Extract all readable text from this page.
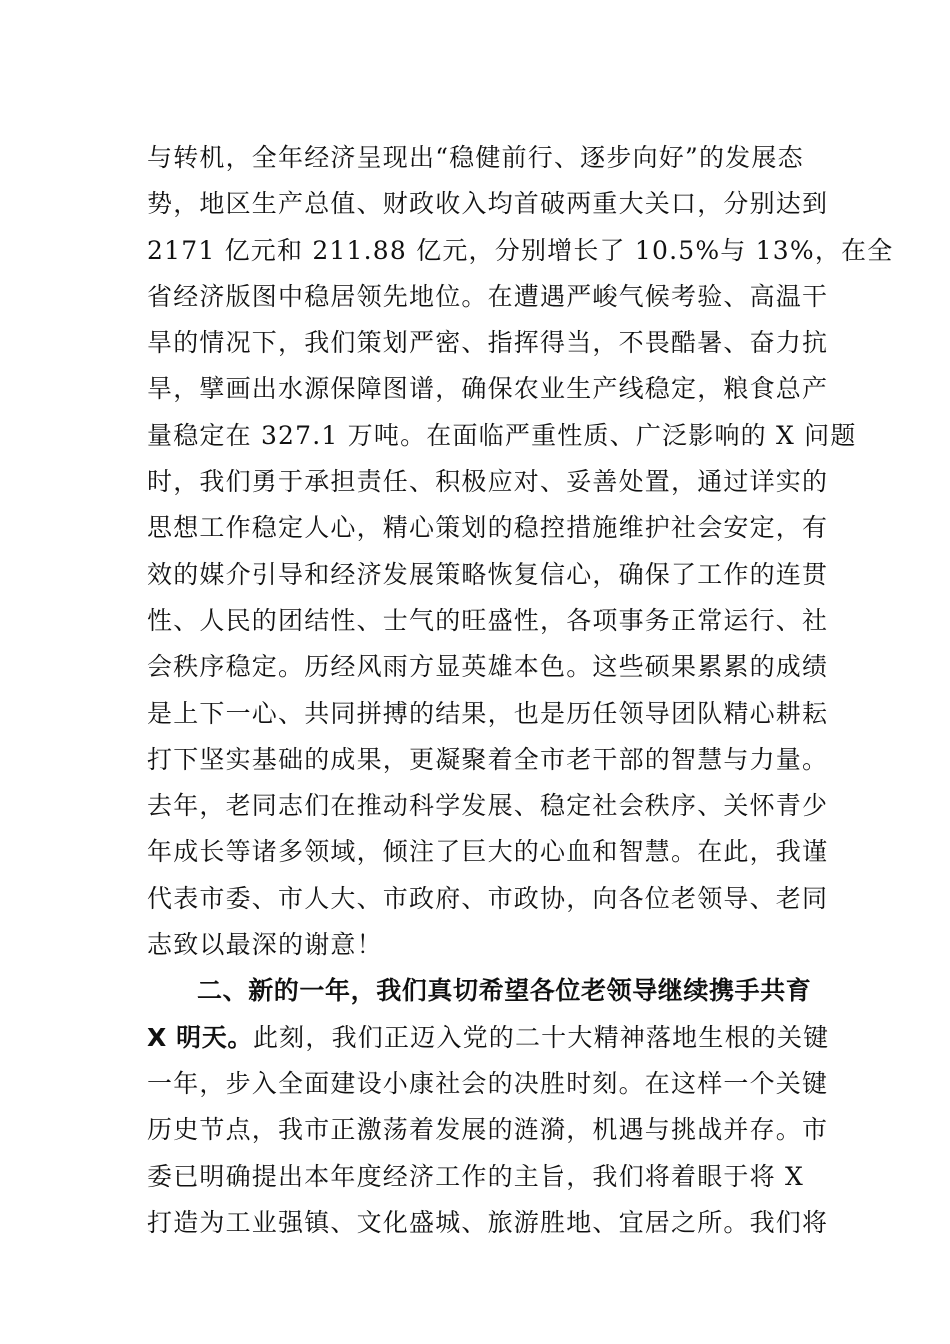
与转机，全年经济呈现出“稳健前行、逐步向好”的发展态
势，地区生产总值、财政收入均首破两重大关口，分别达到
2171 亿元和 211.88 亿元，分别增长了 10.5%与 13%，在全
省经济版图中稳居领先地位。在遭遇严峻气候考验、高温干
旱的情况下，我们策划严密、指挥得当，不畏酷暑、奋力抗
旱，擘画出水源保障图谱，确保农业生产线稳定，粮食总产
量稳定在 327.1 万吨。在面临严重性质、广泛影响的 X 问题
时，我们勇于承担责任、积极应对、妥善处置，通过详实的
思想工作稳定人心，精心策划的稳控措施维护社会安定，有
效的媒介引导和经济发展策略恢复信心，确保了工作的连贯
性、人民的团结性、士气的旺盛性，各项事务正常运行、社
会秩序稳定。历经风雨方显英雄本色。这些硕果累累的成绩
是上下一心、共同拼搏的结果，也是历任领导团队精心耕耘
打下坚实基础的成果，更凝聚着全市老干部的智慧与力量。
去年，老同志们在推动科学发展、稳定社会秩序、关怀青少
年成长等诸多领域，倾注了巨大的心血和智慧。在此，我谨
代表市委、市人大、市政府、市政协，向各位老领导、老同
志致以最深的谢意！
二、新的一年，我们真切希望各位老领导继续携手共育
X 明天。此刻，我们正迈入党的二十大精神落地生根的关键
一年，步入全面建设小康社会的决胜时刻。在这样一个关键
历史节点，我市正激荡着发展的涟漪，机遇与挑战并存。市
委已明确提出本年度经济工作的主旨，我们将着眼于将 X
打造为工业强镇、文化盛城、旅游胜地、宜居之所。我们将
